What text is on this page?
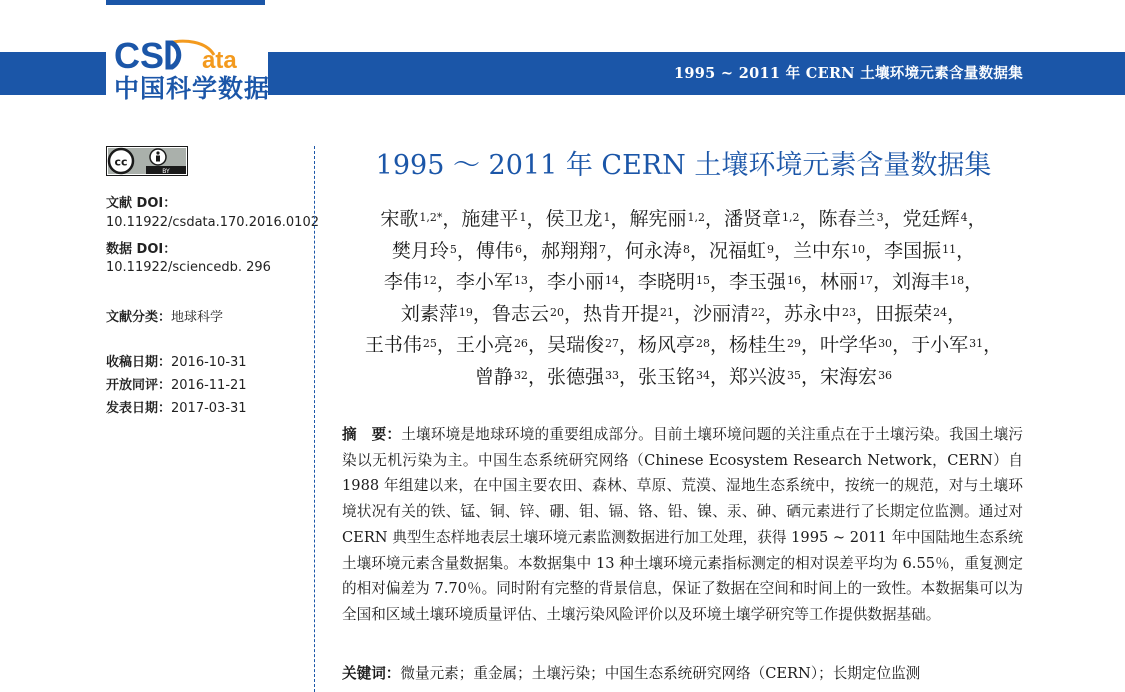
1995 ~ 2011 年 CERN 土壤环境元素含量数据集
CS ata
中国科学数据
cc
BY
文献 DOI：
10.11922/csdata.170.2016.0102
数据 DOI：
10.11922/sciencedb. 296
文献分类：地球科学
收稿日期：2016-10-31
开放同评：2016-11-21
发表日期：2017-03-31
1995 ～ 2011 年 CERN 土壤环境元素含量数据集
宋歌$^{1,2*}$，施建平$^1$，侯卫龙$^1$，解宪丽$^{1,2}$，潘贤章$^{1,2}$，陈春兰$^3$，党廷辉$^4$，
樊月玲$^5$，傅伟$^6$，郝翔翔$^7$，何永涛$^8$，况福虹$^9$，兰中东$^{10}$，李国振$^{11}$，
李伟$^{12}$，李小军$^{13}$，李小丽$^{14}$，李晓明$^{15}$，李玉强$^{16}$，林丽$^{17}$，刘海丰$^{18}$，
刘素萍$^{19}$，鲁志云$^{20}$，热肯开提$^{21}$，沙丽清$^{22}$，苏永中$^{23}$，田振荣$^{24}$，
王书伟$^{25}$，王小亮$^{26}$，吴瑞俊$^{27}$，杨风亭$^{28}$，杨桂生$^{29}$，叶学华$^{30}$，于小军$^{31}$，
曾静$^{32}$，张德强$^{33}$，张玉铭$^{34}$，郑兴波$^{35}$，宋海宏$^{36}$
摘　要：土壤环境是地球环境的重要组成部分。目前土壤环境问题的关注重点在于土壤污染。我国土壤污染以无机污染为主。中国生态系统研究网络（Chinese Ecosystem Research Network，CERN）自 1988 年组建以来，在中国主要农田、森林、草原、荒漠、湿地生态系统中，按统一的规范，对与土壤环境状况有关的铁、锰、铜、锌、硼、钼、镉、铬、铅、镍、汞、砷、硒元素进行了长期定位监测。通过对 CERN 典型生态样地表层土壤环境元素监测数据进行加工处理，获得 1995 ~ 2011 年中国陆地生态系统土壤环境元素含量数据集。本数据集中 13 种土壤环境元素指标测定的相对误差平均为 6.55％，重复测定的相对偏差为 7.70％。同时附有完整的背景信息，保证了数据在空间和时间上的一致性。本数据集可以为全国和区域土壤环境质量评估、土壤污染风险评价以及环境土壤学研究等工作提供数据基础。
关键词：微量元素；重金属；土壤污染；中国生态系统研究网络（CERN）；长期定位监测
